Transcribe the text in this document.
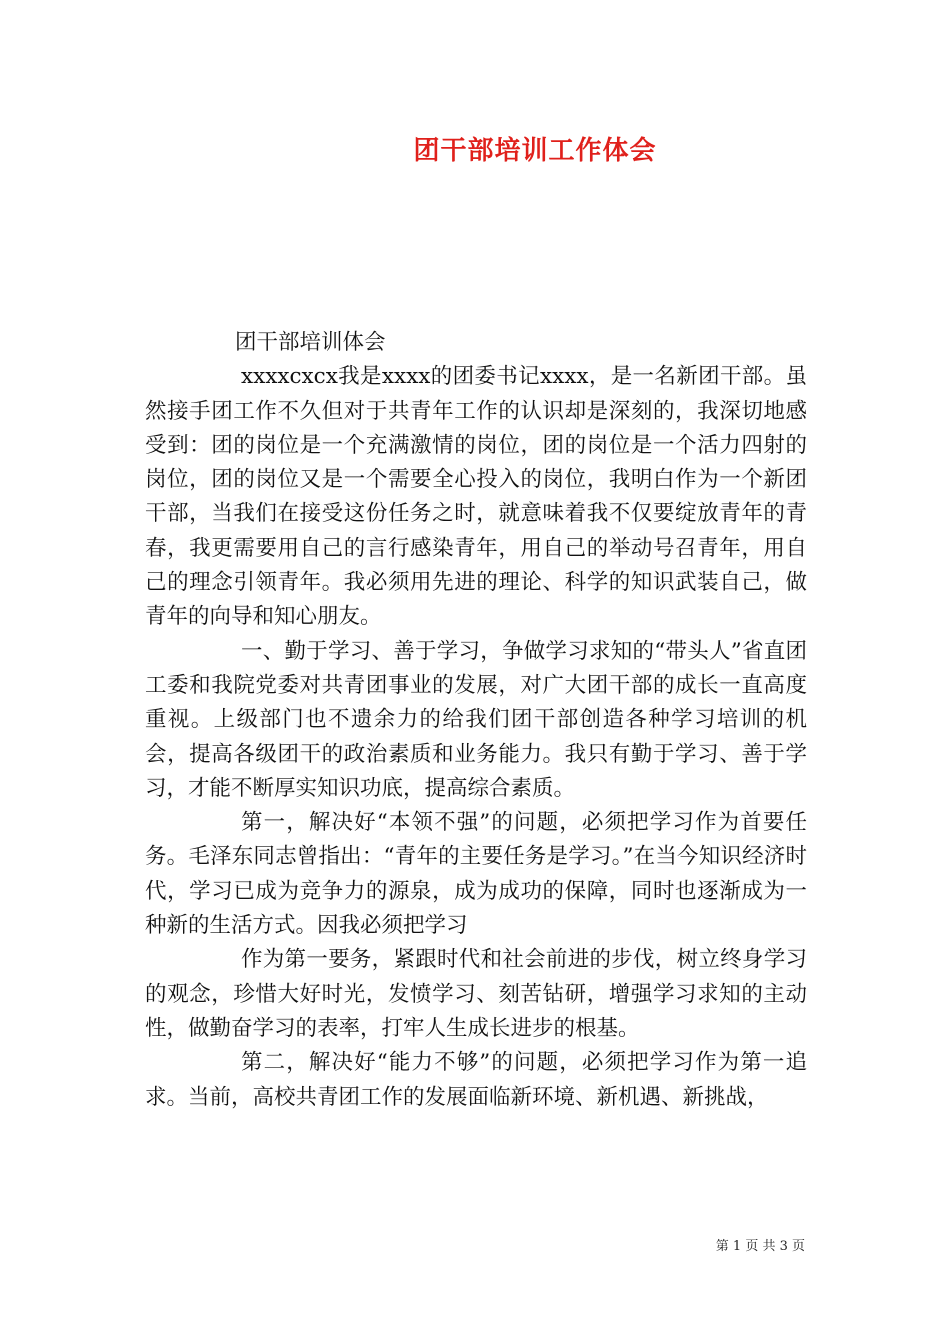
团干部培训工作体会

团干部培训体会

xxxxcxcx我是xxxx的团委书记xxxx，是一名新团干部。虽然接手团工作不久但对于共青年工作的认识却是深刻的，我深切地感受到：团的岗位是一个充满激情的岗位，团的岗位是一个活力四射的岗位，团的岗位又是一个需要全心投入的岗位，我明白作为一个新团干部，当我们在接受这份任务之时，就意味着我不仅要绽放青年的青春，我更需要用自己的言行感染青年，用自己的举动号召青年，用自己的理念引领青年。我必须用先进的理论、科学的知识武装自己，做青年的向导和知心朋友。

一、勤于学习、善于学习，争做学习求知的“带头人”省直团工委和我院党委对共青团事业的发展，对广大团干部的成长一直高度重视。上级部门也不遗余力的给我们团干部创造各种学习培训的机会，提高各级团干的政治素质和业务能力。我只有勤于学习、善于学习，才能不断厚实知识功底，提高综合素质。

第一，解决好“本领不强”的问题，必须把学习作为首要任务。毛泽东同志曾指出：“青年的主要任务是学习。”在当今知识经济时代，学习已成为竞争力的源泉，成为成功的保障，同时也逐渐成为一种新的生活方式。因我必须把学习

作为第一要务，紧跟时代和社会前进的步伐，树立终身学习的观念，珍惜大好时光，发愤学习、刻苦钻研，增强学习求知的主动性，做勤奋学习的表率，打牢人生成长进步的根基。

第二，解决好“能力不够”的问题，必须把学习作为第一追求。当前，高校共青团工作的发展面临新环境、新机遇、新挑战，

第 1 页 共 3 页
